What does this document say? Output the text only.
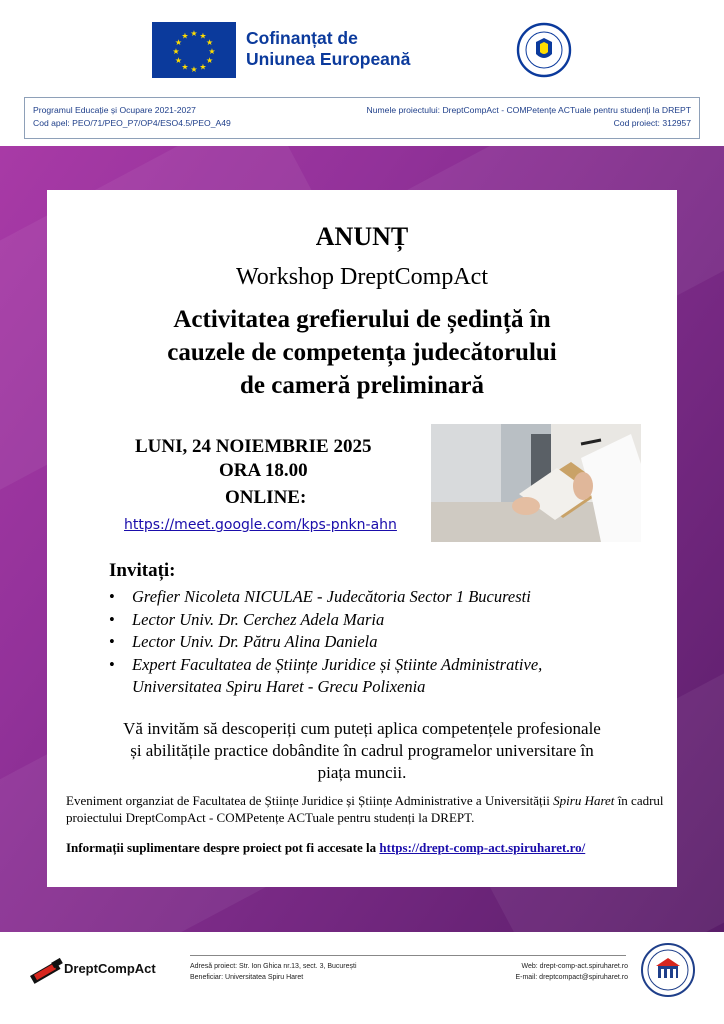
★ ★
★
★
★
★
★
★
★
★
★
★	Cofinanțat de
Uniunea Europeană
Programul Educație și Ocupare 2021-2027
Cod apel: PEO/71/PEO_P7/OP4/ESO4.5/PEO_A49
Numele proiectului: DreptCompAct - COMPetențe ACTuale pentru studenți la DREPT
Cod proiect: 312957
ANUNȚ
Workshop DreptCompAct
Activitatea grefierului de ședință în
cauzele de competența judecătorului
de cameră preliminară
LUNI, 24 NOIEMBRIE 2025
ORA 18.00
ONLINE:
https://meet.google.com/kps-pnkn-ahn
Invitați:
• Grefier Nicoleta NICULAE - Judecătoria Sector 1 Bucuresti
• Lector Univ. Dr. Cerchez Adela Maria
• Lector Univ. Dr. Pătru Alina Daniela
• Expert Facultatea de Științe Juridice și Știinte Administrative,
Universitatea Spiru Haret - Grecu Polixenia
Vă invităm să descoperiți cum puteți aplica competențele profesionale
și abilitățile practice dobândite în cadrul programelor universitare în
piața muncii.
Eveniment organziat de Facultatea de Științe Juridice și Științe Administrative a Universității Spiru Haret în cadrul proiectului DreptCompAct - COMPetențe ACTuale pentru studenți la DREPT.
Informații suplimentare despre proiect pot fi accesate la https://drept-comp-act.spiruharet.ro/
DreptCompAct	Adresă proiect: Str. Ion Ghica nr.13, sect. 3, București
Beneficiar: Universitatea Spiru Haret
Web: drept-comp-act.spiruharet.ro
E-mail: dreptcompact@spiruharet.ro
